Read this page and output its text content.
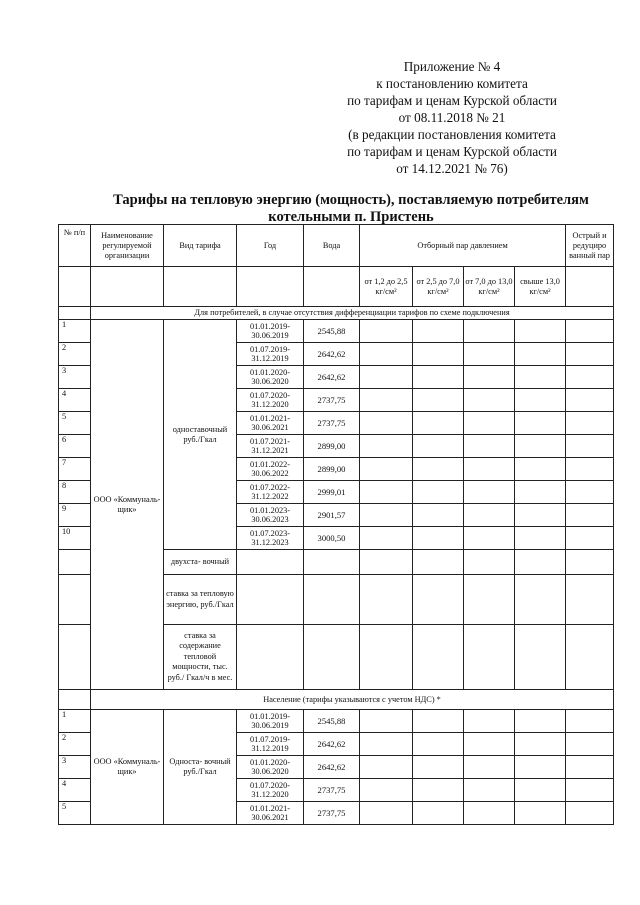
Приложение № 4
к постановлению комитета
по тарифам и ценам Курской области
от 08.11.2018 № 21
(в редакции постановления комитета
по тарифам и ценам Курской области
от 14.12.2021 № 76)
Тарифы на тепловую энергию (мощность), поставляемую потребителям
котельными п. Пристень
№ п/п	Наименование регулируемой организации	Вид тарифа	Год	Вода	Отборный пар давлением				Острый и редуциро ванный пар
					от 1,2 до 2,5 кг/см²	от 2,5 до 7,0 кг/см²	от 7,0 до 13,0 кг/см²	свыше 13,0 кг/см²	
	Для потребителей, в случае отсутствия дифференциации тарифов по схеме подключения								
1	ООО «Коммуналь- щик»	одноставочный руб./Гкал	01.01.2019- 30.06.2019	2545,88					
2			01.07.2019- 31.12.2019	2642,62					
3			01.01.2020- 30.06.2020	2642,62					
4			01.07.2020- 31.12.2020	2737,75					
5			01.01.2021- 30.06.2021	2737,75					
6			01.07.2021- 31.12.2021	2899,00					
7			01.01.2022- 30.06.2022	2899,00					
8			01.07.2022- 31.12.2022	2999,01					
9			01.01.2023- 30.06.2023	2901,57					
10			01.07.2023- 31.12.2023	3000,50					
		двухста- вочный							
		ставка за тепловую энергию, руб./Гкал							
		ставка за содержание тепловой мощности, тыс. руб./ Гкал/ч в мес.							
	Население (тарифы указываются с учетом НДС) *								
1	ООО «Коммуналь- щик»	Односта- вочный руб./Гкал	01.01.2019- 30.06.2019	2545,88					
2			01.07.2019- 31.12.2019	2642,62					
3			01.01.2020- 30.06.2020	2642,62					
4			01.07.2020- 31.12.2020	2737,75					
5			01.01.2021- 30.06.2021	2737,75					
